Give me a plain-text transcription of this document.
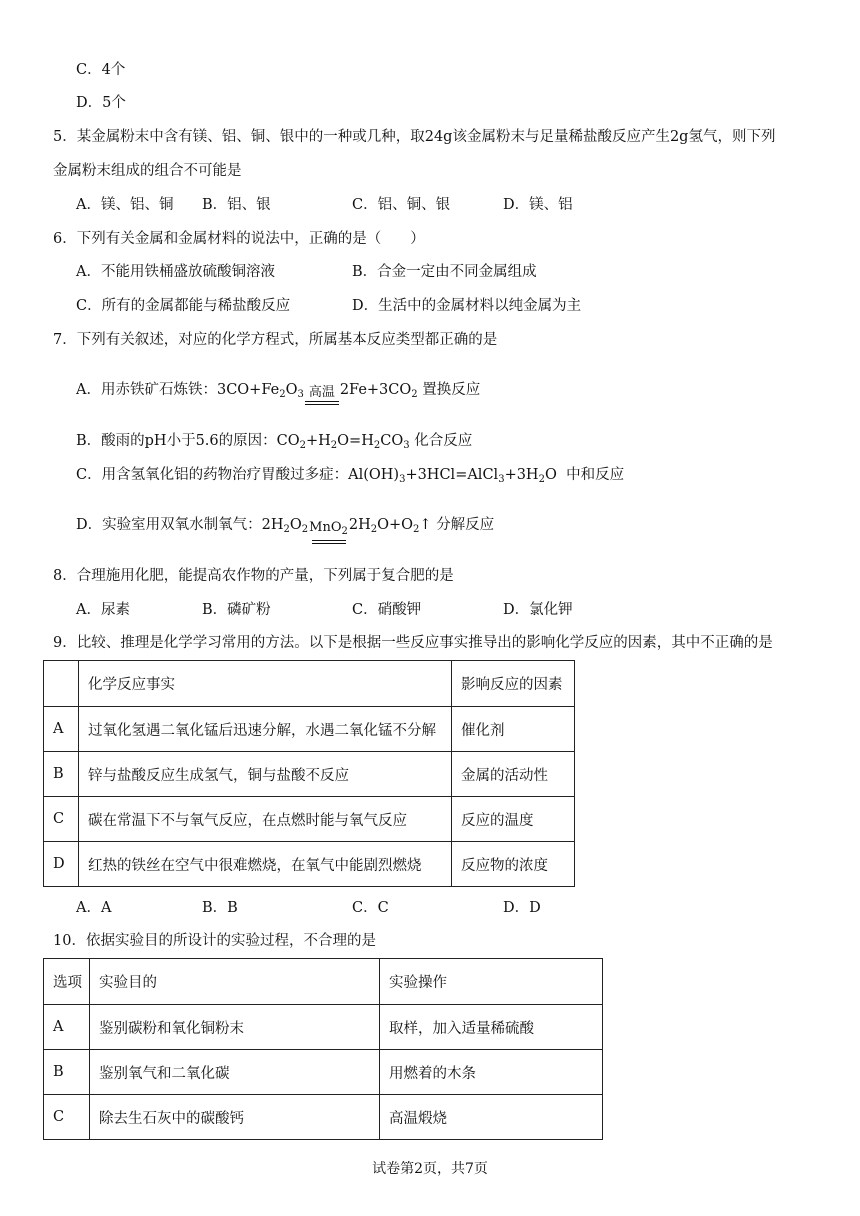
C．4个
D．5个
5．某金属粉末中含有镁、铝、铜、银中的一种或几种，取24g该金属粉末与足量稀盐酸反应产生2g氢气，则下列
金属粉末组成的组合不可能是
A．镁、铝、铜 B．铝、银	C．铝、铜、银	D．镁、铝
6．下列有关金属和金属材料的说法中，正确的是（　　）
A．不能用铁桶盛放硫酸铜溶液	B．合金一定由不同金属组成
C．所有的金属都能与稀盐酸反应	D．生活中的金属材料以纯金属为主
7．下列有关叙述，对应的化学方程式，所属基本反应类型都正确的是
A．用赤铁矿石炼铁：$3CO+Fe_2O_3$ 高温 $2Fe+3CO_2$ 置换反应
B．酸雨的pH小于5.6的原因：$CO_2+H_2O=H_2CO_3$ 化合反应
C．用含氢氧化铝的药物治疗胃酸过多症：$Al(OH)_3+3HCl=AlCl_3+3H_2O$  中和反应
D．实验室用双氧水制氧气：$2H_2O_2$ MnO$_2$ $2H_2O+O_2↑$ 分解反应
8．合理施用化肥，能提高农作物的产量，下列属于复合肥的是
A．尿素	B．磷矿粉	C．硝酸钾	D．氯化钾
9．比较、推理是化学学习常用的方法。以下是根据一些反应事实推导出的影响化学反应的因素，其中不正确的是
	化学反应事实	影响反应的因素
A	过氧化氢遇二氧化锰后迅速分解，水遇二氧化锰不分解	催化剂
B	锌与盐酸反应生成氢气，铜与盐酸不反应	金属的活动性
C	碳在常温下不与氧气反应，在点燃时能与氧气反应	反应的温度
D	红热的铁丝在空气中很难燃烧，在氧气中能剧烈燃烧	反应物的浓度
A．A	B．B	C．C	D．D
10．依据实验目的所设计的实验过程，不合理的是
选项	实验目的	实验操作
A	鉴别碳粉和氧化铜粉末	取样，加入适量稀硫酸
B	鉴别氧气和二氧化碳	用燃着的木条
C	除去生石灰中的碳酸钙	高温煅烧
试卷第2页，共7页
